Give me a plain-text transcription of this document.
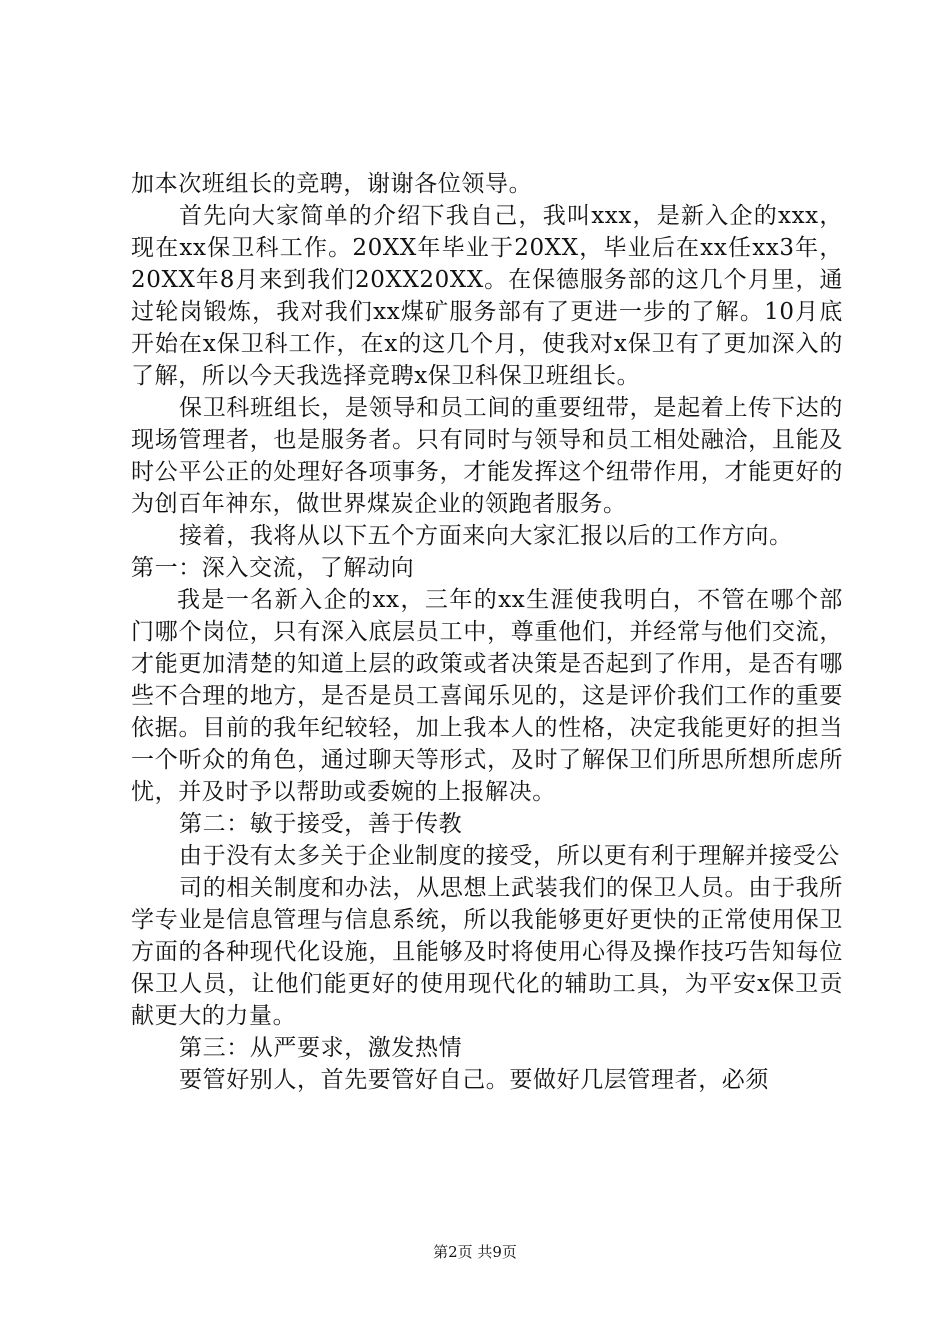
加本次班组长的竞聘，谢谢各位领导。

首先向大家简单的介绍下我自己，我叫xxx，是新入企的xxx，现在xx保卫科工作。20XX年毕业于20XX，毕业后在xx任xx3年，20XX年8月来到我们20XX20XX。在保德服务部的这几个月里，通过轮岗锻炼，我对我们xx煤矿服务部有了更进一步的了解。10月底开始在x保卫科工作，在x的这几个月，使我对x保卫有了更加深入的了解，所以今天我选择竞聘x保卫科保卫班组长。

保卫科班组长，是领导和员工间的重要纽带，是起着上传下达的现场管理者，也是服务者。只有同时与领导和员工相处融洽，且能及时公平公正的处理好各项事务，才能发挥这个纽带作用，才能更好的为创百年神东，做世界煤炭企业的领跑者服务。

接着，我将从以下五个方面来向大家汇报以后的工作方向。

第一：深入交流，了解动向

我是一名新入企的xx，三年的xx生涯使我明白，不管在哪个部门哪个岗位，只有深入底层员工中，尊重他们，并经常与他们交流，才能更加清楚的知道上层的政策或者决策是否起到了作用，是否有哪些不合理的地方，是否是员工喜闻乐见的，这是评价我们工作的重要依据。目前的我年纪较轻，加上我本人的性格，决定我能更好的担当一个听众的角色，通过聊天等形式，及时了解保卫们所思所想所虑所忧，并及时予以帮助或委婉的上报解决。

第二：敏于接受，善于传教

由于没有太多关于企业制度的接受，所以更有利于理解并接受公

司的相关制度和办法，从思想上武装我们的保卫人员。由于我所学专业是信息管理与信息系统，所以我能够更好更快的正常使用保卫方面的各种现代化设施，且能够及时将使用心得及操作技巧告知每位保卫人员，让他们能更好的使用现代化的辅助工具，为平安x保卫贡献更大的力量。

第三：从严要求，激发热情

要管好别人，首先要管好自己。要做好几层管理者，必须

第2页 共9页
